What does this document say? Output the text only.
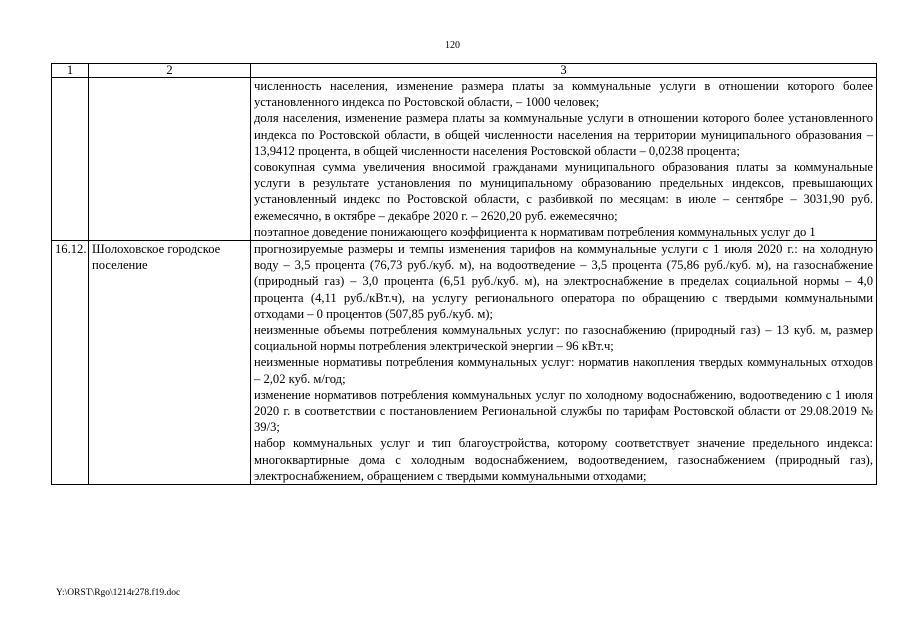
120
1	2	3

		численность населения, изменение размера платы за коммунальные услуги в отношении которого более установленного индекса по Ростовской области, – 1000 человек;

доля населения, изменение размера платы за коммунальные услуги в отношении которого более установленного индекса по Ростовской области, в общей численности населения на территории муниципального образования – 13,9412 процента, в общей численности населения Ростовской области – 0,0238 процента;

совокупная сумма увеличения вносимой гражданами муниципального образования платы за коммунальные услуги в результате установления по муниципальному образованию предельных индексов, превышающих установленный индекс по Ростовской области, с разбивкой по месяцам: в июле – сентябре – 3031,90 руб. ежемесячно, в октябре – декабре 2020 г. – 2620,20 руб. ежемесячно;

поэтапное доведение понижающего коэффициента к нормативам потребления коммунальных услуг до 1

16.12.	Шолоховское городское поселение	прогнозируемые размеры и темпы изменения тарифов на коммунальные услуги с 1 июля 2020 г.: на холодную воду – 3,5 процента (76,73 руб./куб. м), на водоотведение – 3,5 процента (75,86 руб./куб. м), на газоснабжение (природный газ) – 3,0 процента (6,51 руб./куб. м), на электроснабжение в пределах социальной нормы – 4,0 процента (4,11 руб./кВт.ч), на услугу регионального оператора по обращению с твердыми коммунальными отходами – 0 процентов (507,85 руб./куб. м);

неизменные объемы потребления коммунальных услуг: по газоснабжению (природный газ) – 13 куб. м, размер социальной нормы потребления электрической энергии – 96 кВт.ч;

неизменные нормативы потребления коммунальных услуг: норматив накопления твердых коммунальных отходов – 2,02 куб. м/год;

изменение нормативов потребления коммунальных услуг по холодному водоснабжению, водоотведению с 1 июля 2020 г. в соответствии с постановлением Региональной службы по тарифам Ростовской области от 29.08.2019 № 39/3;

набор коммунальных услуг и тип благоустройства, которому соответствует значение предельного индекса: многоквартирные дома с холодным водоснабжением, водоотведением, газоснабжением (природный газ), электроснабжением, обращением с твердыми коммунальными отходами;

Y:\ORST\Rgo\1214r278.f19.doc
